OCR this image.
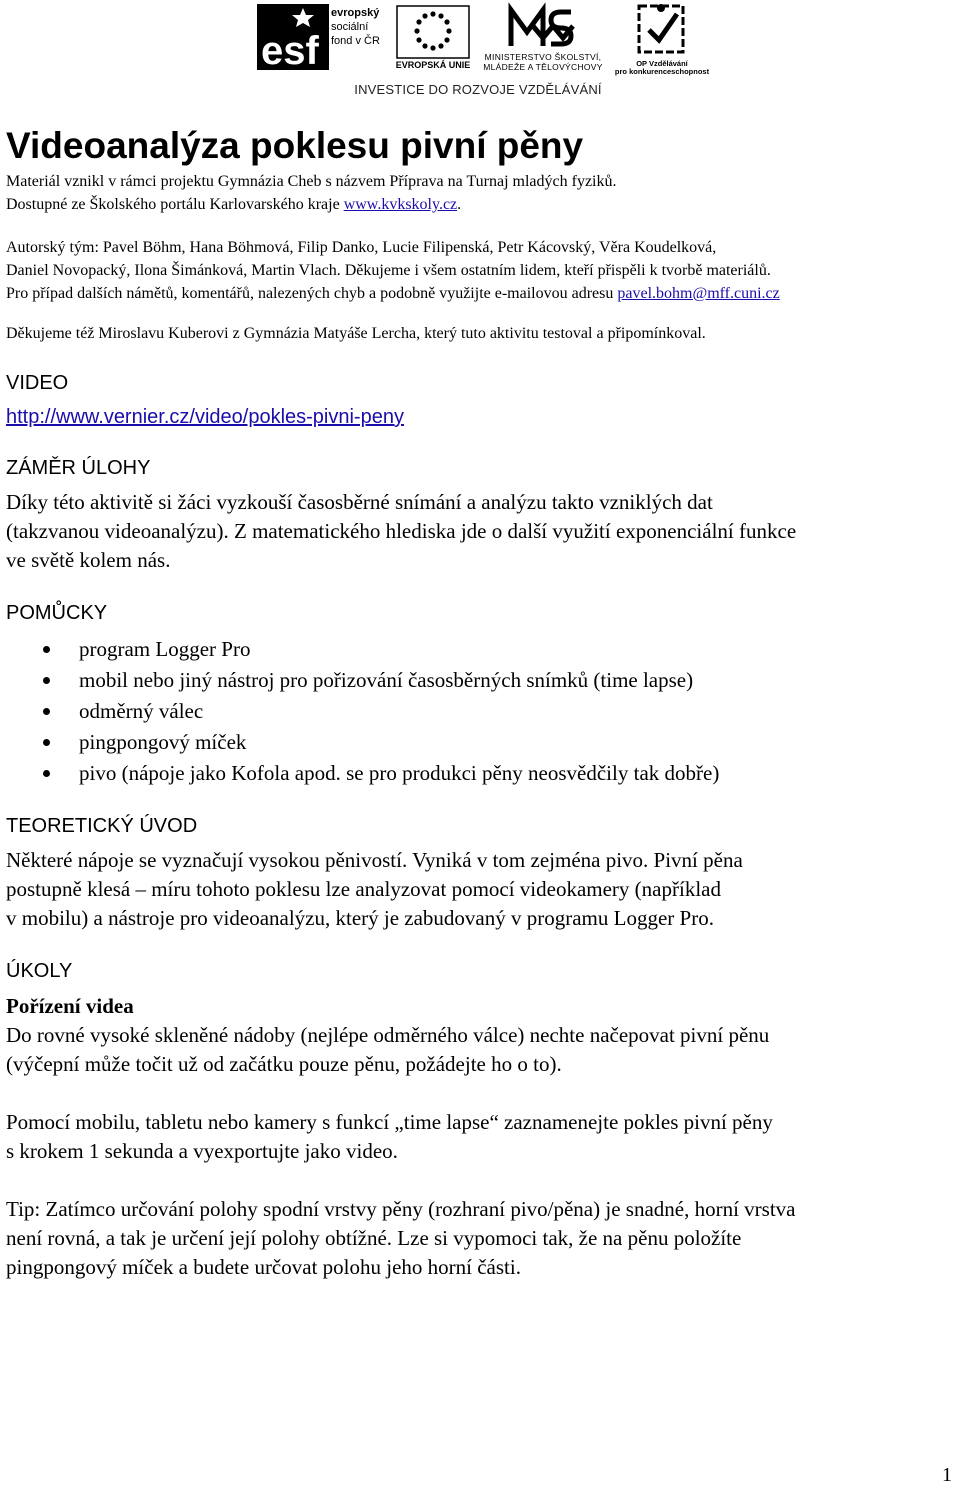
esf
evropský
sociální
fond v ČR
EVROPSKÁ UNIE
MINISTERSTVO ŠKOLSTVÍ,
MLÁDEŽE A TĚLOVÝCHOVY	OP Vzdělávání
pro konkurenceschopnost
INVESTICE DO ROZVOJE VZDĚLÁVÁNÍ
Videoanalýza poklesu pivní pěny
Materiál vznikl v rámci projektu Gymnázia Cheb s názvem Příprava na Turnaj mladých fyziků.
Dostupné ze Školského portálu Karlovarského kraje www.kvkskoly.cz.
Autorský tým: Pavel Böhm, Hana Böhmová, Filip Danko, Lucie Filipenská, Petr Kácovský, Věra Koudelková,
Daniel Novopacký, Ilona Šimánková, Martin Vlach. Děkujeme i všem ostatním lidem, kteří přispěli k tvorbě materiálů.
Pro případ dalších námětů, komentářů, nalezených chyb a podobně využijte e-mailovou adresu pavel.bohm@mff.cuni.cz
Děkujeme též Miroslavu Kuberovi z Gymnázia Matyáše Lercha, který tuto aktivitu testoval a připomínkoval.
VIDEO
http://www.vernier.cz/video/pokles-pivni-peny
ZÁMĚR ÚLOHY
Díky této aktivitě si žáci vyzkouší časosběrné snímání a analýzu takto vzniklých dat
(takzvanou videoanalýzu). Z matematického hlediska jde o další využití exponenciální funkce
ve světě kolem nás.
POMŮCKY
program Logger Pro
mobil nebo jiný nástroj pro pořizování časosběrných snímků (time lapse)
odměrný válec
pingpongový míček
pivo (nápoje jako Kofola apod. se pro produkci pěny neosvědčily tak dobře)
TEORETICKÝ ÚVOD
Některé nápoje se vyznačují vysokou pěnivostí. Vyniká v tom zejména pivo. Pivní pěna
postupně klesá – míru tohoto poklesu lze analyzovat pomocí videokamery (například
v mobilu) a nástroje pro videoanalýzu, který je zabudovaný v programu Logger Pro.
ÚKOLY
Pořízení videa
Do rovné vysoké skleněné nádoby (nejlépe odměrného válce) nechte načepovat pivní pěnu
(výčepní může točit už od začátku pouze pěnu, požádejte ho o to).
Pomocí mobilu, tabletu nebo kamery s funkcí „time lapse“ zaznamenejte pokles pivní pěny
s krokem 1 sekunda a vyexportujte jako video.
Tip: Zatímco určování polohy spodní vrstvy pěny (rozhraní pivo/pěna) je snadné, horní vrstva
není rovná, a tak je určení její polohy obtížné. Lze si vypomoci tak, že na pěnu položíte
pingpongový míček a budete určovat polohu jeho horní části.
1
